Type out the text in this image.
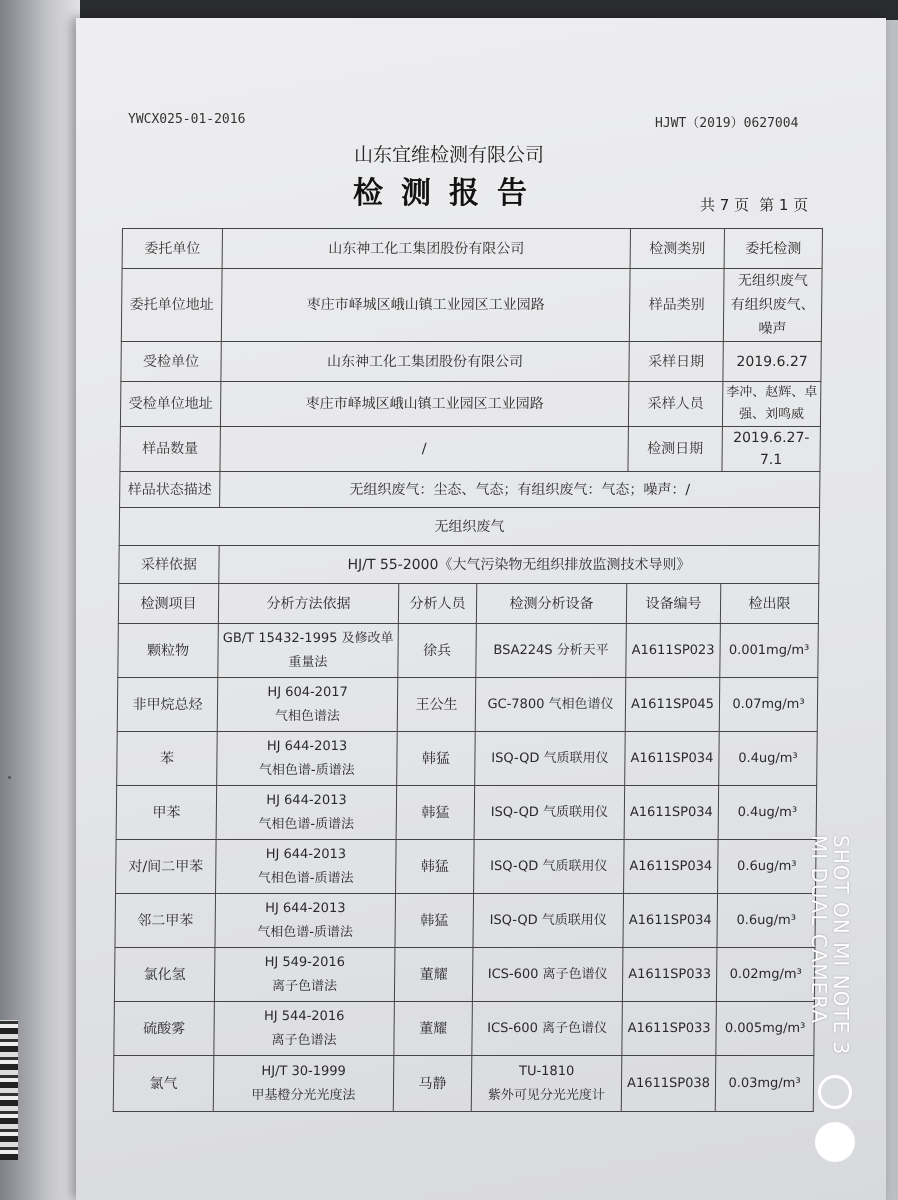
YWCX025-01-2016	HJWT（2019）0627004
山东宜维检测有限公司
检测报告	共 7 页 第 1 页
委托单位	山东神工化工集团股份有限公司			检测类别	委托检测
委托单位地址	枣庄市峄城区峨山镇工业园区工业园路			样品类别	无组织废气
有组织废气、噪声

受检单位	山东神工化工集团股份有限公司			采样日期	2019.6.27
受检单位地址	枣庄市峄城区峨山镇工业园区工业园路			采样人员	李冲、赵辉、卓强、刘鸣威
样品数量	/			检测日期	2019.6.27-7.1
样品状态描述	无组织废气：尘态、气态；有组织废气：气态；噪声：/				
无组织废气					
采样依据	HJ/T 55-2000《大气污染物无组织排放监测技术导则》				
检测项目	分析方法依据	分析人员	检测分析设备	设备编号	检出限

颗粒物	GB/T 15432-1995 及修改单
重量法	徐兵	BSA224S 分析天平	A1611SP023	0.001mg/m³

非甲烷总烃	HJ 604-2017
气相色谱法	王公生	GC-7800 气相色谱仪	A1611SP045	0.07mg/m³

苯	HJ 644-2013
气相色谱-质谱法	韩猛	ISQ-QD 气质联用仪	A1611SP034	0.4ug/m³

甲苯	HJ 644-2013
气相色谱-质谱法	韩猛	ISQ-QD 气质联用仪	A1611SP034	0.4ug/m³

对/间二甲苯	HJ 644-2013
气相色谱-质谱法	韩猛	ISQ-QD 气质联用仪	A1611SP034	0.6ug/m³

邻二甲苯	HJ 644-2013
气相色谱-质谱法	韩猛	ISQ-QD 气质联用仪	A1611SP034	0.6ug/m³

氯化氢	HJ 549-2016
离子色谱法	董耀	ICS-600 离子色谱仪	A1611SP033	0.02mg/m³

硫酸雾	HJ 544-2016
离子色谱法	董耀	ICS-600 离子色谱仪	A1611SP033	0.005mg/m³

氯气	HJ/T 30-1999
甲基橙分光光度法	马静	TU-1810
紫外可见分光光度计	A1611SP038	0.03mg/m³
SHOT ON MI NOTE 3
MI DUAL CAMERA
